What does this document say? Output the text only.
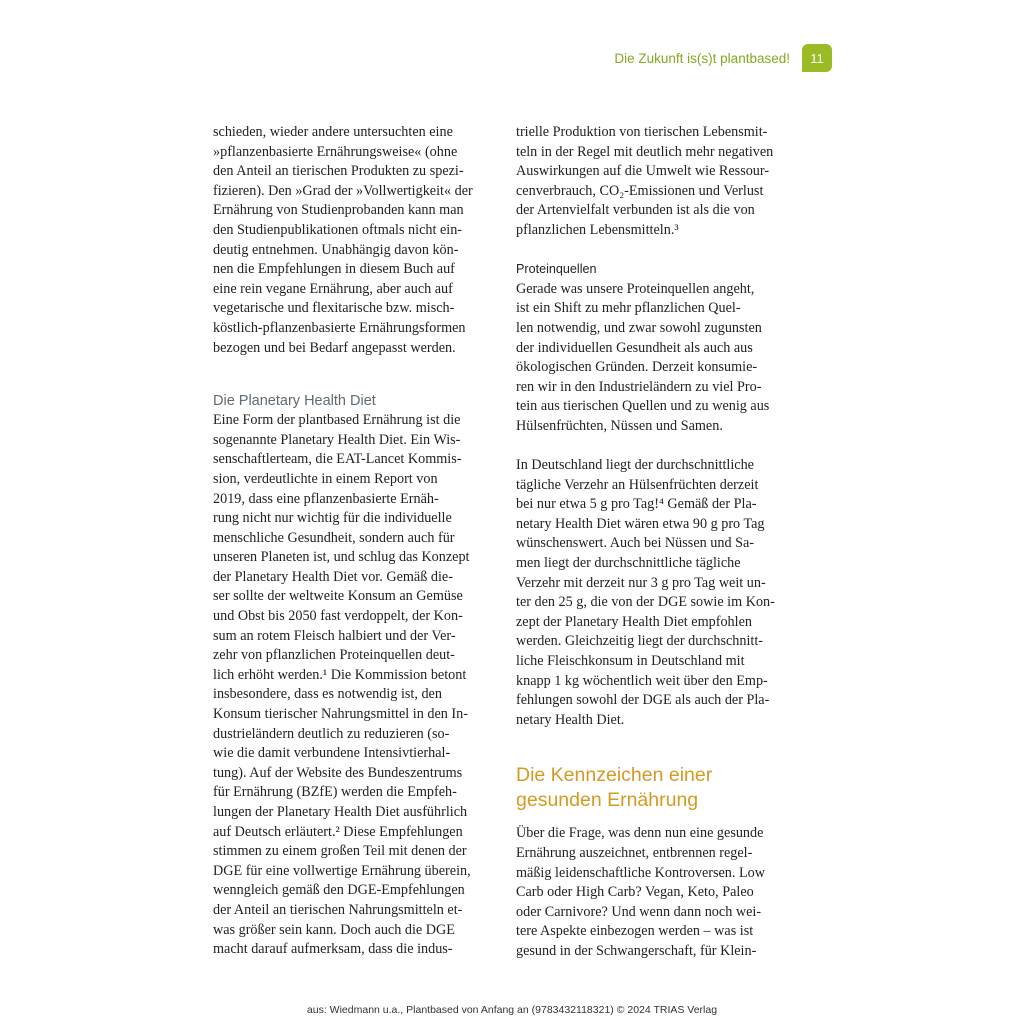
Die Zukunft is(s)t plantbased!	11
schieden, wieder andere untersuchten eine
»pflanzenbasierte Ernährungsweise« (ohne
den Anteil an tierischen Produkten zu spezi-
fizieren). Den »Grad der »Vollwertigkeit« der
Ernährung von Studienprobanden kann man
den Studienpublikationen oftmals nicht ein-
deutig entnehmen. Unabhängig davon kön-
nen die Empfehlungen in diesem Buch auf
eine rein vegane Ernährung, aber auch auf
vegetarische und flexitarische bzw. misch-
köstlich-pflanzenbasierte Ernährungsformen
bezogen und bei Bedarf angepasst werden.
Die Planetary Health Diet
Eine Form der plantbased Ernährung ist die
sogenannte Planetary Health Diet. Ein Wis-
senschaftlerteam, die EAT-Lancet Kommis-
sion, verdeutlichte in einem Report von
2019, dass eine pflanzenbasierte Ernäh-
rung nicht nur wichtig für die individuelle
menschliche Gesundheit, sondern auch für
unseren Planeten ist, und schlug das Konzept
der Planetary Health Diet vor. Gemäß die-
ser sollte der weltweite Konsum an Gemüse
und Obst bis 2050 fast verdoppelt, der Kon-
sum an rotem Fleisch halbiert und der Ver-
zehr von pflanzlichen Proteinquellen deut-
lich erhöht werden.¹ Die Kommission betont
insbesondere, dass es notwendig ist, den
Konsum tierischer Nahrungsmittel in den In-
dustrieländern deutlich zu reduzieren (so-
wie die damit verbundene Intensivtierhal-
tung). Auf der Website des Bundeszentrums
für Ernährung (BZfE) werden die Empfeh-
lungen der Planetary Health Diet ausführlich
auf Deutsch erläutert.² Diese Empfehlungen
stimmen zu einem großen Teil mit denen der
DGE für eine vollwertige Ernährung überein,
wenngleich gemäß den DGE-Empfehlungen
der Anteil an tierischen Nahrungsmitteln et-
was größer sein kann. Doch auch die DGE
macht darauf aufmerksam, dass die indus-
trielle Produktion von tierischen Lebensmit-
teln in der Regel mit deutlich mehr negativen
Auswirkungen auf die Umwelt wie Ressour-
cenverbrauch, CO₂-Emissionen und Verlust
der Artenvielfalt verbunden ist als die von
pflanzlichen Lebensmitteln.³
Proteinquellen
Gerade was unsere Proteinquellen angeht,
ist ein Shift zu mehr pflanzlichen Quel-
len notwendig, und zwar sowohl zugunsten
der individuellen Gesundheit als auch aus
ökologischen Gründen. Derzeit konsumie-
ren wir in den Industrieländern zu viel Pro-
tein aus tierischen Quellen und zu wenig aus
Hülsenfrüchten, Nüssen und Samen.
In Deutschland liegt der durchschnittliche
tägliche Verzehr an Hülsenfrüchten derzeit
bei nur etwa 5 g pro Tag!⁴ Gemäß der Pla-
netary Health Diet wären etwa 90 g pro Tag
wünschenswert. Auch bei Nüssen und Sa-
men liegt der durchschnittliche tägliche
Verzehr mit derzeit nur 3 g pro Tag weit un-
ter den 25 g, die von der DGE sowie im Kon-
zept der Planetary Health Diet empfohlen
werden. Gleichzeitig liegt der durchschnitt-
liche Fleischkonsum in Deutschland mit
knapp 1 kg wöchentlich weit über den Emp-
fehlungen sowohl der DGE als auch der Pla-
netary Health Diet.
Die Kennzeichen einer
gesunden Ernährung
Über die Frage, was denn nun eine gesunde
Ernährung auszeichnet, entbrennen regel-
mäßig leidenschaftliche Kontroversen. Low
Carb oder High Carb? Vegan, Keto, Paleo
oder Carnivore? Und wenn dann noch wei-
tere Aspekte einbezogen werden – was ist
gesund in der Schwangerschaft, für Klein-
aus: Wiedmann u.a., Plantbased von Anfang an (9783432118321) © 2024 TRIAS Verlag
